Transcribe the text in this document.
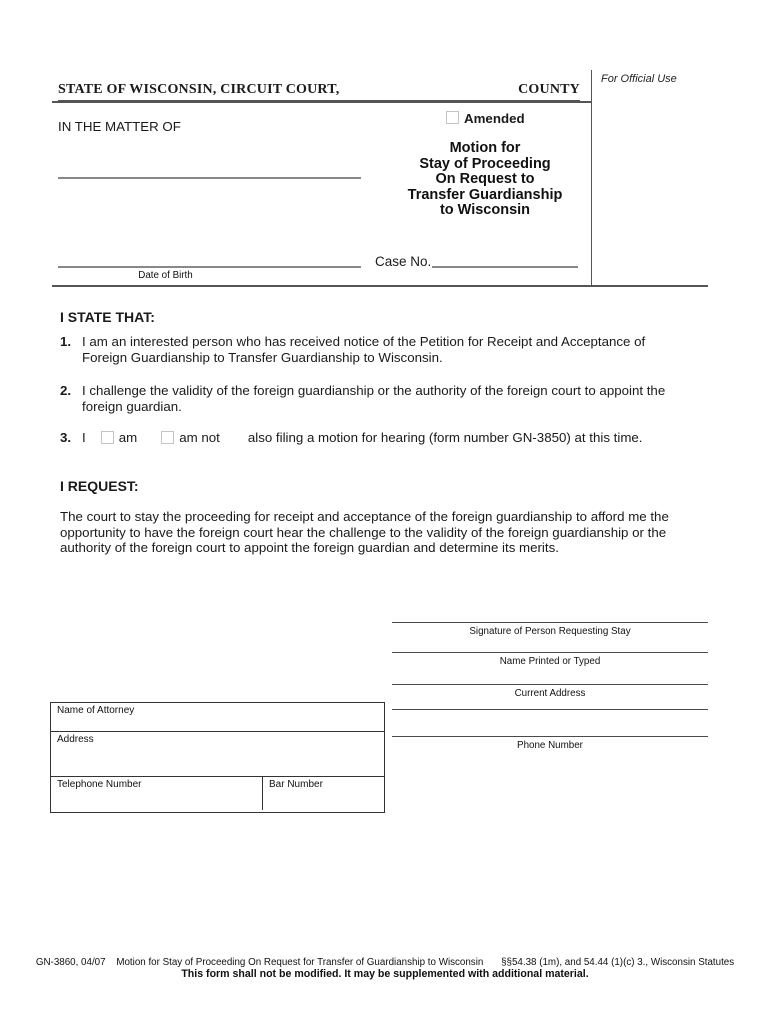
STATE OF WISCONSIN, CIRCUIT COURT,	COUNTY
For Official Use
IN THE MATTER OF
Amended
Motion for
Stay of Proceeding
On Request to
Transfer Guardianship
to Wisconsin
Date of Birth
Case No.
I STATE THAT:
1. I am an interested person who has received notice of the Petition for Receipt and Acceptance of Foreign Guardianship to Transfer Guardianship to Wisconsin.
2. I challenge the validity of the foreign guardianship or the authority of the foreign court to appoint the foreign guardian.
3. I am	am not also filing a motion for hearing (form number GN-3850) at this time.
I REQUEST:
The court to stay the proceeding for receipt and acceptance of the foreign guardianship to afford me the opportunity to have the foreign court hear the challenge to the validity of the foreign guardianship or the authority of the foreign court to appoint the foreign guardian and determine its merits.
Signature of Person Requesting Stay
Name Printed or Typed
Current Address
Phone Number
Name of Attorney
Address
Telephone Number	Bar Number
GN-3860, 04/07 Motion for Stay of Proceeding On Request for Transfer of Guardianship to Wisconsin §§54.38 (1m), and 54.44 (1)(c) 3., Wisconsin Statutes
This form shall not be modified. It may be supplemented with additional material.
